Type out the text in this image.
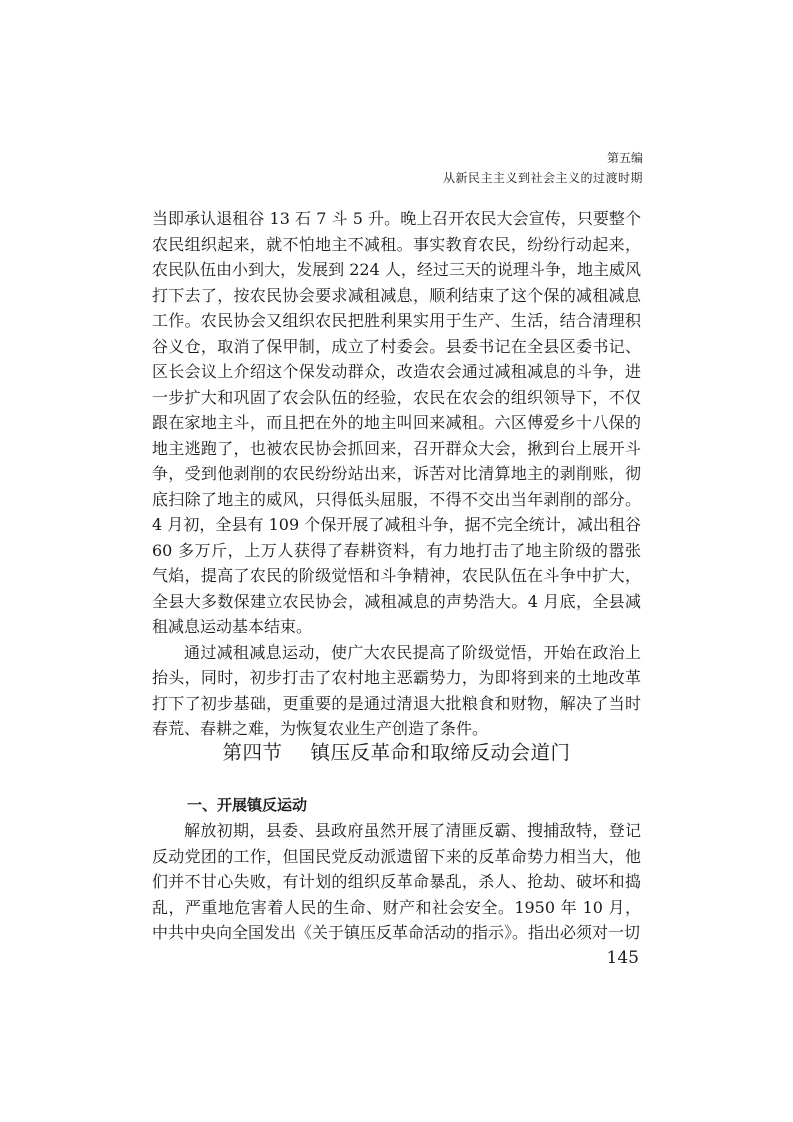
第五编
从新民主主义到社会主义的过渡时期

当即承认退租谷 13 石 7 斗 5 升。晚上召开农民大会宣传，只要整个农民组织起来，就不怕地主不减租。事实教育农民，纷纷行动起来，农民队伍由小到大，发展到 224 人，经过三天的说理斗争，地主威风打下去了，按农民协会要求减租减息，顺利结束了这个保的减租减息工作。农民协会又组织农民把胜利果实用于生产、生活，结合清理积谷义仓，取消了保甲制，成立了村委会。县委书记在全县区委书记、区长会议上介绍这个保发动群众，改造农会通过减租减息的斗争，进一步扩大和巩固了农会队伍的经验，农民在农会的组织领导下，不仅跟在家地主斗，而且把在外的地主叫回来减租。六区傅爱乡十八保的地主逃跑了，也被农民协会抓回来，召开群众大会，揪到台上展开斗争，受到他剥削的农民纷纷站出来，诉苦对比清算地主的剥削账，彻底扫除了地主的威风，只得低头屈服，不得不交出当年剥削的部分。4 月初，全县有 109 个保开展了减租斗争，据不完全统计，减出租谷 60 多万斤，上万人获得了春耕资料，有力地打击了地主阶级的嚣张气焰，提高了农民的阶级觉悟和斗争精神，农民队伍在斗争中扩大，全县大多数保建立农民协会，减租减息的声势浩大。4 月底，全县减租减息运动基本结束。

通过减租减息运动，使广大农民提高了阶级觉悟，开始在政治上抬头，同时，初步打击了农村地主恶霸势力，为即将到来的土地改革打下了初步基础，更重要的是通过清退大批粮食和财物，解决了当时春荒、春耕之难，为恢复农业生产创造了条件。

第四节 镇压反革命和取缔反动会道门
一、开展镇反运动

解放初期，县委、县政府虽然开展了清匪反霸、搜捕敌特，登记反动党团的工作，但国民党反动派遗留下来的反革命势力相当大，他们并不甘心失败，有计划的组织反革命暴乱，杀人、抢劫、破坏和捣乱，严重地危害着人民的生命、财产和社会安全。1950 年 10 月，中共中央向全国发出《关于镇压反革命活动的指示》。指出必须对一切

145
